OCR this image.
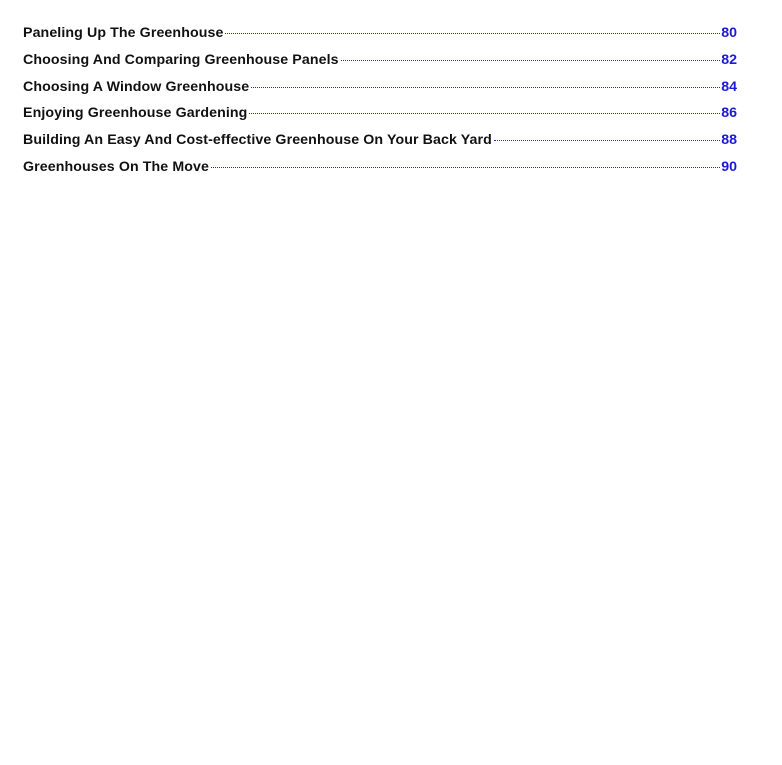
Paneling Up The Greenhouse	80
Choosing And Comparing Greenhouse Panels	82
Choosing A Window Greenhouse	84
Enjoying Greenhouse Gardening	86
Building An Easy And Cost-effective Greenhouse On Your Back Yard	88
Greenhouses On The Move	90
